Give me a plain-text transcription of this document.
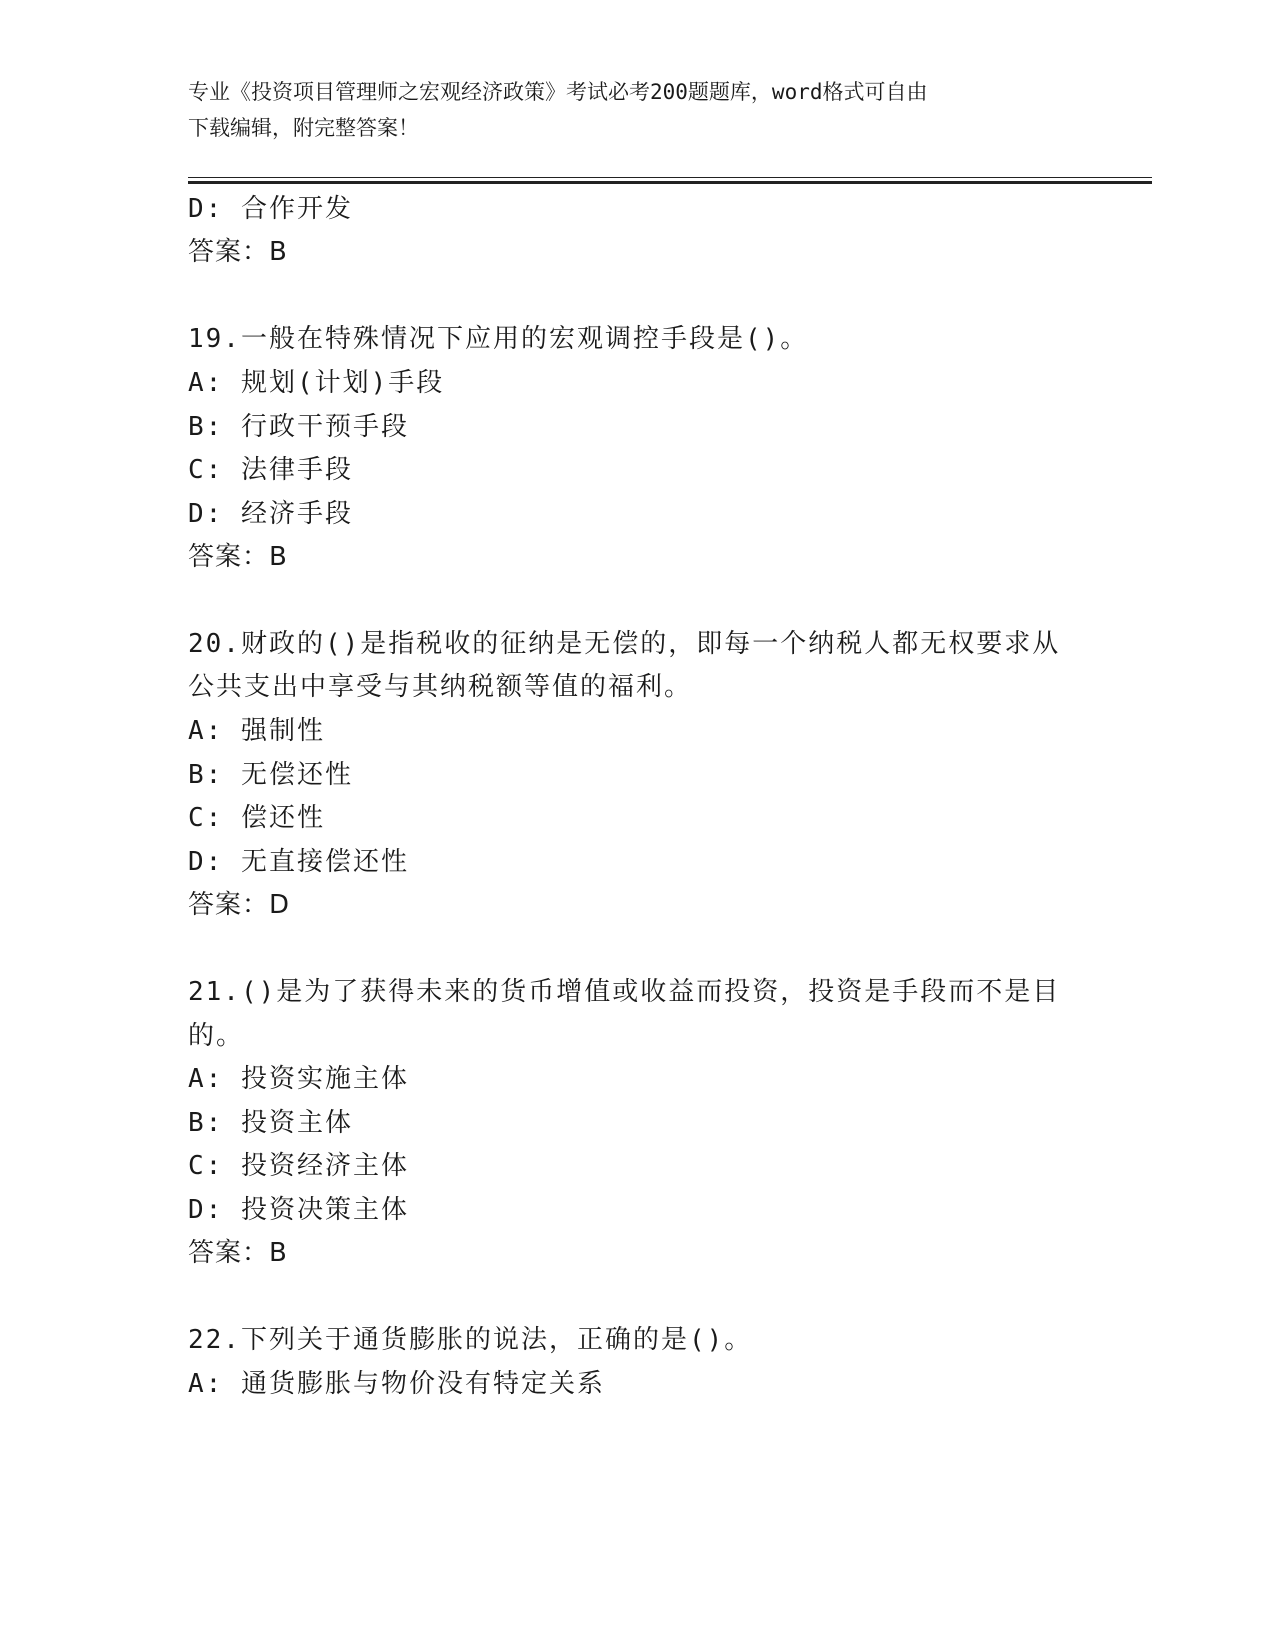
专业《投资项目管理师之宏观经济政策》考试必考200题题库，word格式可自由
下载编辑，附完整答案！
D: 合作开发
答案：B
19.一般在特殊情况下应用的宏观调控手段是()。
A: 规划(计划)手段
B: 行政干预手段
C: 法律手段
D: 经济手段
答案：B
20.财政的()是指税收的征纳是无偿的，即每一个纳税人都无权要求从
公共支出中享受与其纳税额等值的福利。
A: 强制性
B: 无偿还性
C: 偿还性
D: 无直接偿还性
答案：D
21.()是为了获得未来的货币增值或收益而投资，投资是手段而不是目
的。
A: 投资实施主体
B: 投资主体
C: 投资经济主体
D: 投资决策主体
答案：B
22.下列关于通货膨胀的说法，正确的是()。
A: 通货膨胀与物价没有特定关系
